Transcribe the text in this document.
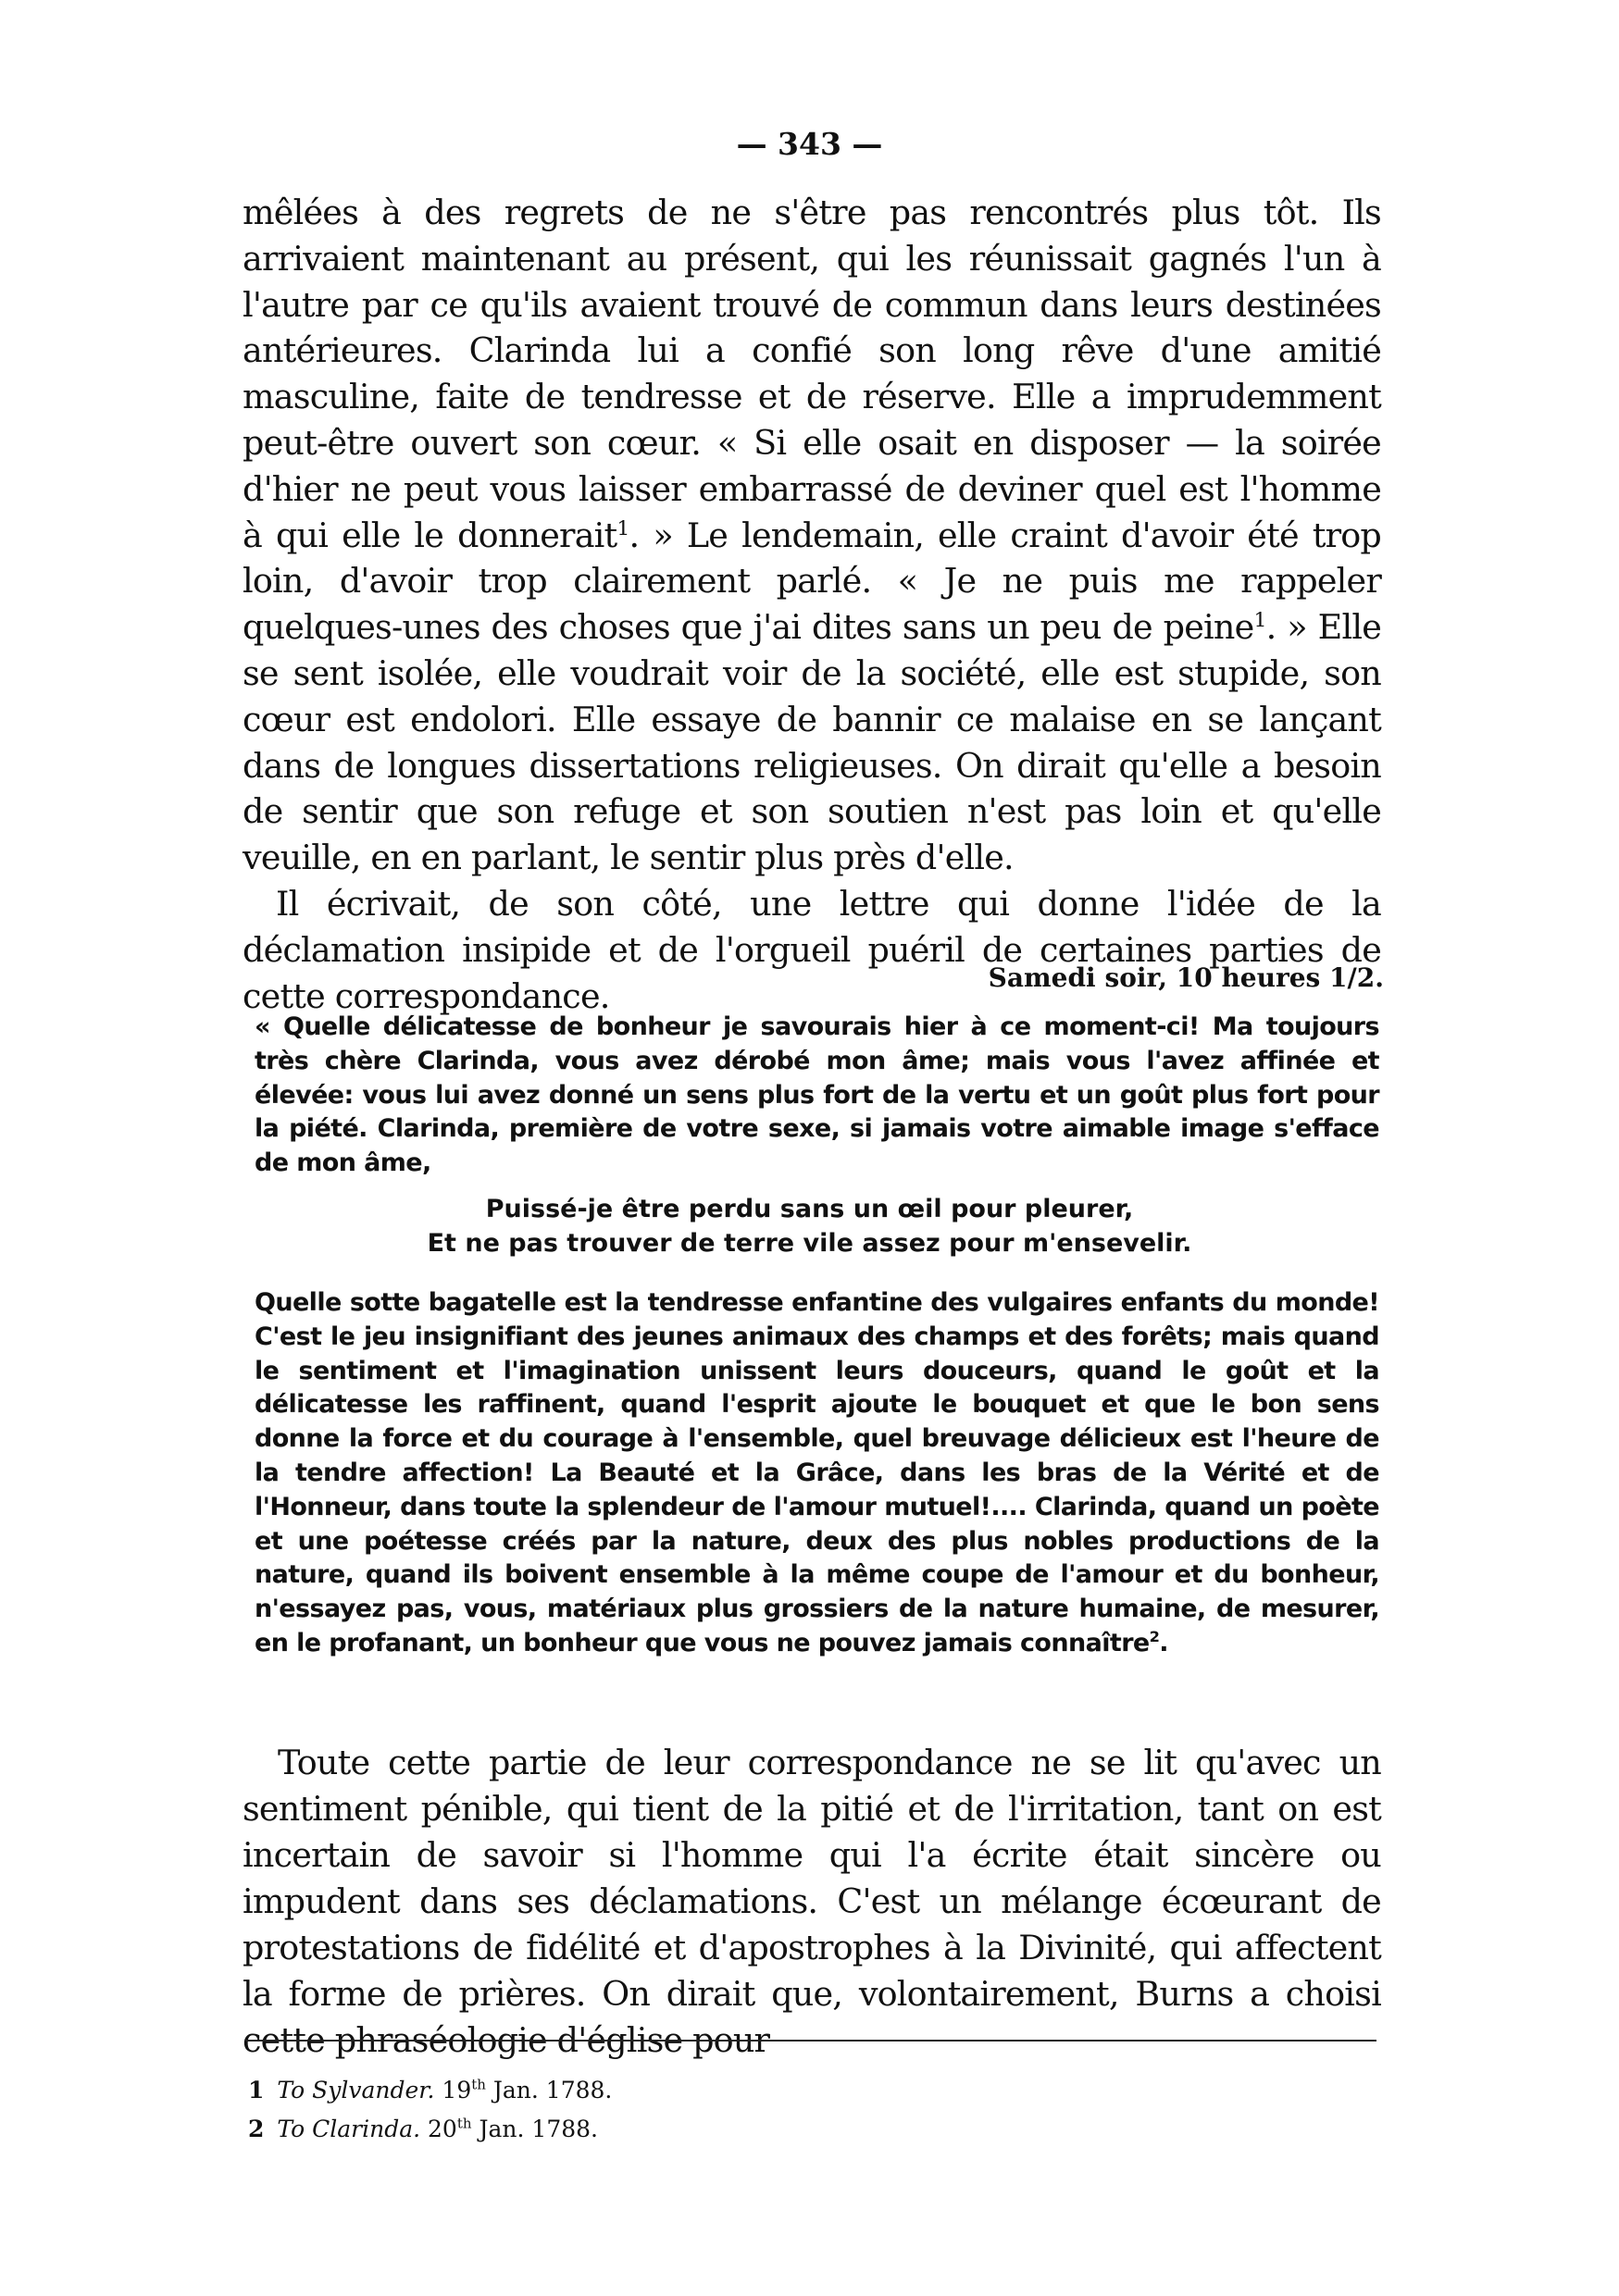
— 343 —

mêlées à des regrets de ne s'être pas rencontrés plus tôt. Ils arrivaient maintenant au présent, qui les réunissait gagnés l'un à l'autre par ce qu'ils avaient trouvé de commun dans leurs destinées antérieures. Clarinda lui a confié son long rêve d'une amitié masculine, faite de tendresse et de réserve. Elle a imprudemment peut-être ouvert son cœur. « Si elle osait en disposer — la soirée d'hier ne peut vous laisser embarrassé de deviner quel est l'homme à qui elle le donnerait$^1$. » Le lendemain, elle craint d'avoir été trop loin, d'avoir trop clairement parlé. « Je ne puis me rappeler quelques-unes des choses que j'ai dites sans un peu de peine$^1$. » Elle se sent isolée, elle voudrait voir de la société, elle est stupide, son cœur est endolori. Elle essaye de bannir ce malaise en se lançant dans de longues dissertations religieuses. On dirait qu'elle a besoin de sentir que son refuge et son soutien n'est pas loin et qu'elle veuille, en en parlant, le sentir plus près d'elle.

Il écrivait, de son côté, une lettre qui donne l'idée de la déclamation insipide et de l'orgueil puéril de certaines parties de cette correspondance.	Samedi soir, 10 heures 1/2.

« Quelle délicatesse de bonheur je savourais hier à ce moment-ci! Ma toujours très chère Clarinda, vous avez dérobé mon âme; mais vous l'avez affinée et élevée: vous lui avez donné un sens plus fort de la vertu et un goût plus fort pour la piété. Clarinda, première de votre sexe, si jamais votre aimable image s'efface de mon âme,

Puissé-je être perdu sans un œil pour pleurer,
Et ne pas trouver de terre vile assez pour m'ensevelir.

Quelle sotte bagatelle est la tendresse enfantine des vulgaires enfants du monde! C'est le jeu insignifiant des jeunes animaux des champs et des forêts; mais quand le sentiment et l'imagination unissent leurs douceurs, quand le goût et la délicatesse les raffinent, quand l'esprit ajoute le bouquet et que le bon sens donne la force et du courage à l'ensemble, quel breuvage délicieux est l'heure de la tendre affection! La Beauté et la Grâce, dans les bras de la Vérité et de l'Honneur, dans toute la splendeur de l'amour mutuel!.... Clarinda, quand un poète et une poétesse créés par la nature, deux des plus nobles productions de la nature, quand ils boivent ensemble à la même coupe de l'amour et du bonheur, n'essayez pas, vous, matériaux plus grossiers de la nature humaine, de mesurer, en le profanant, un bonheur que vous ne pouvez jamais connaître$^2$.

Toute cette partie de leur correspondance ne se lit qu'avec un sentiment pénible, qui tient de la pitié et de l'irritation, tant on est incertain de savoir si l'homme qui l'a écrite était sincère ou impudent dans ses déclamations. C'est un mélange écœurant de protestations de fidélité et d'apostrophes à la Divinité, qui affectent la forme de prières. On dirait que, volontairement, Burns a choisi cette phraséologie d'église pour
1 To Sylvander. 19th Jan. 1788.
2 To Clarinda. 20th Jan. 1788.
